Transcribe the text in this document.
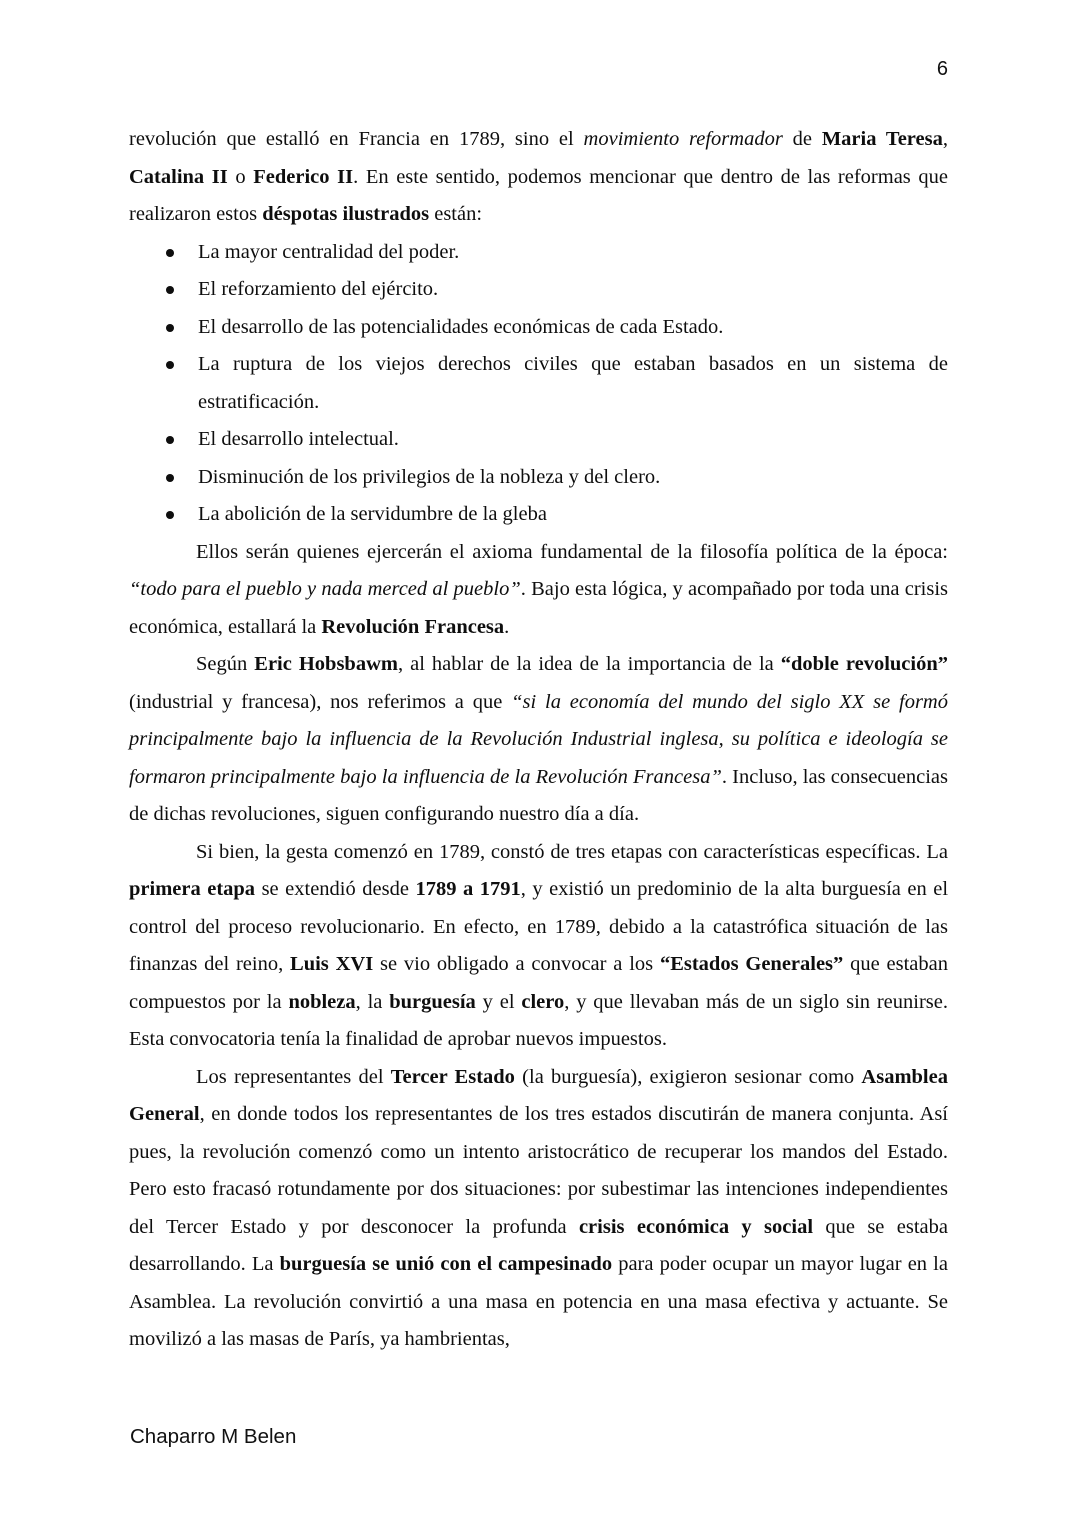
6

revolución que estalló en Francia en 1789, sino el movimiento reformador de Maria Teresa, Catalina II o Federico II. En este sentido, podemos mencionar que dentro de las reformas que realizaron estos déspotas ilustrados están:

La mayor centralidad del poder.
El reforzamiento del ejército.
El desarrollo de las potencialidades económicas de cada Estado.
La ruptura de los viejos derechos civiles que estaban basados en un sistema de estratificación.
El desarrollo intelectual.
Disminución de los privilegios de la nobleza y del clero.
La abolición de la servidumbre de la gleba

Ellos serán quienes ejercerán el axioma fundamental de la filosofía política de la época: “todo para el pueblo y nada merced al pueblo”. Bajo esta lógica, y acompañado por toda una crisis económica, estallará la Revolución Francesa.

Según Eric Hobsbawm, al hablar de la idea de la importancia de la “doble revolución” (industrial y francesa), nos referimos a que “si la economía del mundo del siglo XX se formó principalmente bajo la influencia de la Revolución Industrial inglesa, su política e ideología se formaron principalmente bajo la influencia de la Revolución Francesa”. Incluso, las consecuencias de dichas revoluciones, siguen configurando nuestro día a día.

Si bien, la gesta comenzó en 1789, constó de tres etapas con características específicas. La primera etapa se extendió desde 1789 a 1791, y existió un predominio de la alta burguesía en el control del proceso revolucionario. En efecto, en 1789, debido a la catastrófica situación de las finanzas del reino, Luis XVI se vio obligado a convocar a los “Estados Generales” que estaban compuestos por la nobleza, la burguesía y el clero, y que llevaban más de un siglo sin reunirse. Esta convocatoria tenía la finalidad de aprobar nuevos impuestos.

Los representantes del Tercer Estado (la burguesía), exigieron sesionar como Asamblea General, en donde todos los representantes de los tres estados discutirán de manera conjunta. Así pues, la revolución comenzó como un intento aristocrático de recuperar los mandos del Estado. Pero esto fracasó rotundamente por dos situaciones: por subestimar las intenciones independientes del Tercer Estado y por desconocer la profunda crisis económica y social que se estaba desarrollando. La burguesía se unió con el campesinado para poder ocupar un mayor lugar en la Asamblea. La revolución convirtió a una masa en potencia en una masa efectiva y actuante. Se movilizó a las masas de París, ya hambrientas,

Chaparro M Belen
